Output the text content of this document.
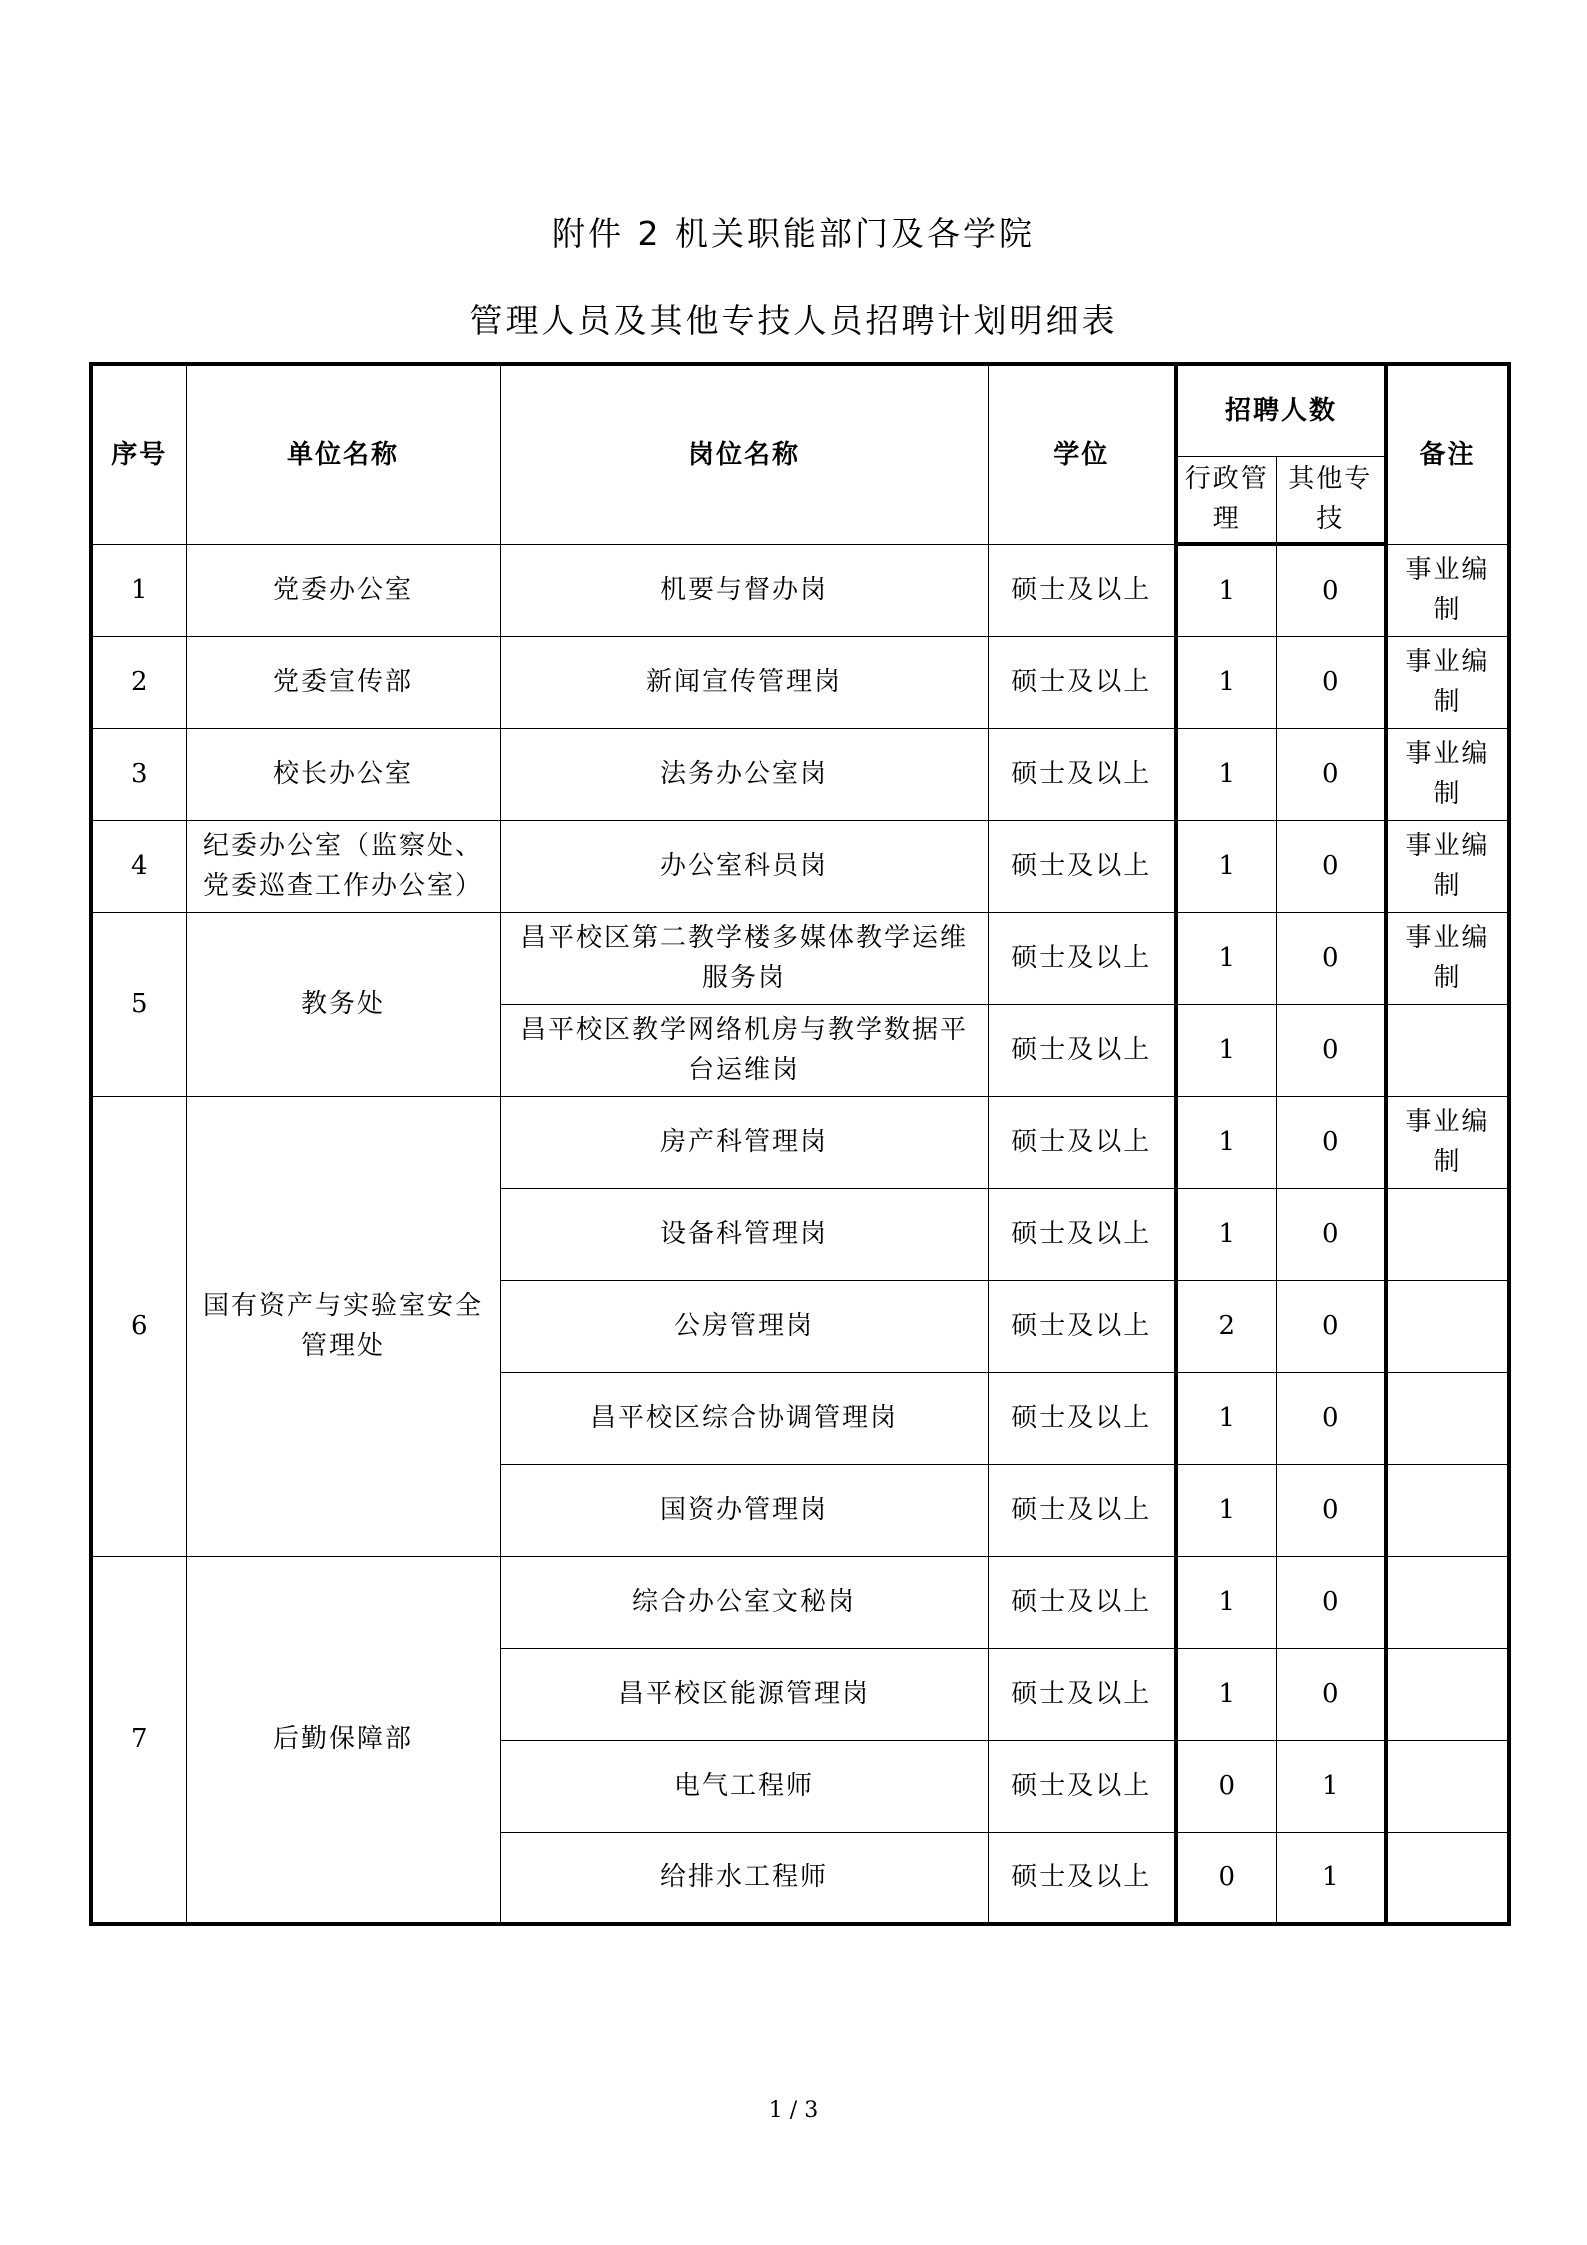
附件 2 机关职能部门及各学院
管理人员及其他专技人员招聘计划明细表
序号	单位名称	岗位名称	学位	招聘人数		备注
				行政管理	其他专技	
1	党委办公室	机要与督办岗	硕士及以上	1	0	事业编制
2	党委宣传部	新闻宣传管理岗	硕士及以上	1	0	事业编制
3	校长办公室	法务办公室岗	硕士及以上	1	0	事业编制
4	纪委办公室（监察处、党委巡查工作办公室）	办公室科员岗	硕士及以上	1	0	事业编制
5	教务处	昌平校区第二教学楼多媒体教学运维服务岗	硕士及以上	1	0	事业编制
		昌平校区教学网络机房与教学数据平台运维岗	硕士及以上	1	0	
6	国有资产与实验室安全管理处	房产科管理岗	硕士及以上	1	0	事业编制
		设备科管理岗	硕士及以上	1	0	
		公房管理岗	硕士及以上	2	0	
		昌平校区综合协调管理岗	硕士及以上	1	0	
		国资办管理岗	硕士及以上	1	0	
7	后勤保障部	综合办公室文秘岗	硕士及以上	1	0	
		昌平校区能源管理岗	硕士及以上	1	0	
		电气工程师	硕士及以上	0	1	
		给排水工程师	硕士及以上	0	1	
1 / 3
